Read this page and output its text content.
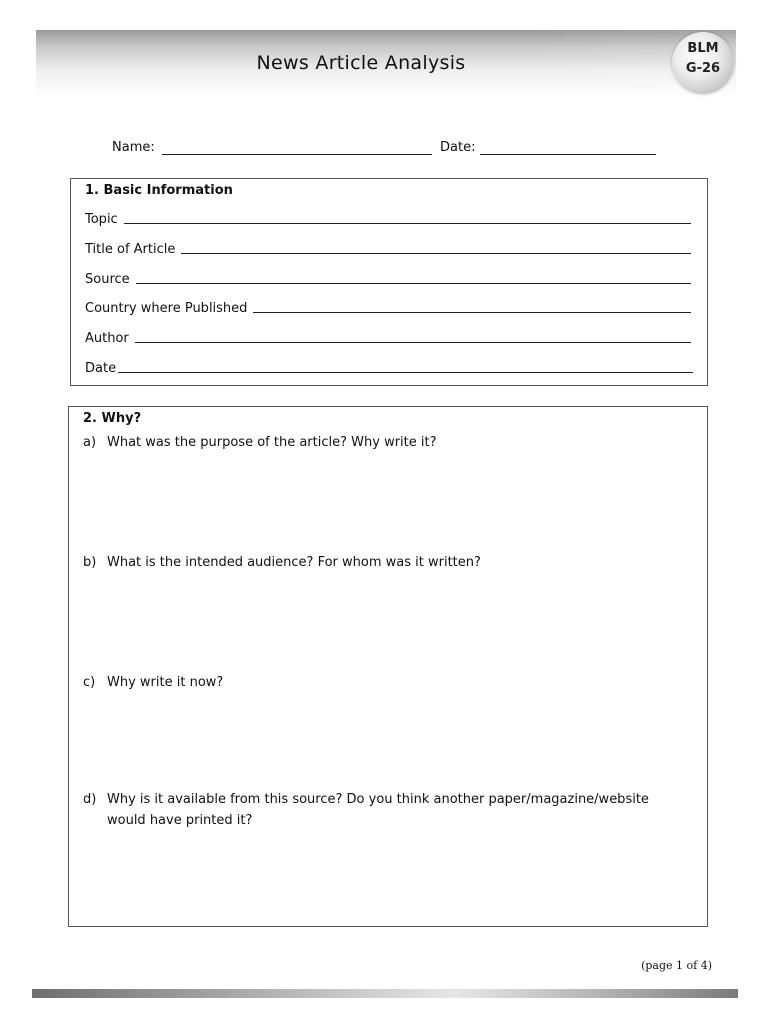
News Article Analysis
BLM
G-26
Name:	Date:
1. Basic Information
Topic
Title of Article
Source
Country where Published
Author
Date
2. Why?
a) What was the purpose of the article? Why write it?
b) What is the intended audience? For whom was it written?
c) Why write it now?
d) Why is it available from this source? Do you think another paper/magazine/website would have printed it?
(page 1 of 4)
